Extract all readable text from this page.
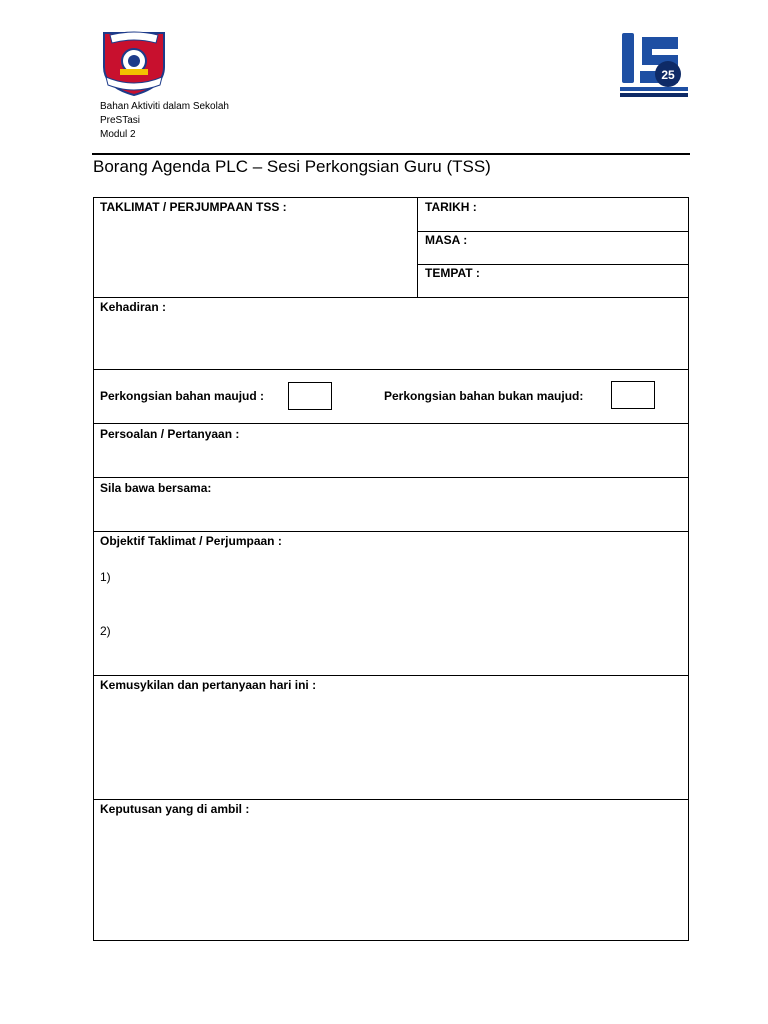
25
Bahan Aktiviti dalam Sekolah
PreSTasi
Modul 2
Borang Agenda PLC – Sesi Perkongsian Guru (TSS)
TAKLIMAT / PERJUMPAAN TSS :	TARIKH :
MASA :
TEMPAT :
Kehadiran :
Perkongsian bahan maujud :	Perkongsian bahan bukan maujud:
Persoalan / Pertanyaan :
Sila bawa bersama:
Objektif Taklimat / Perjumpaan :
1)
2)
Kemusykilan dan pertanyaan hari ini :
Keputusan yang di ambil :
